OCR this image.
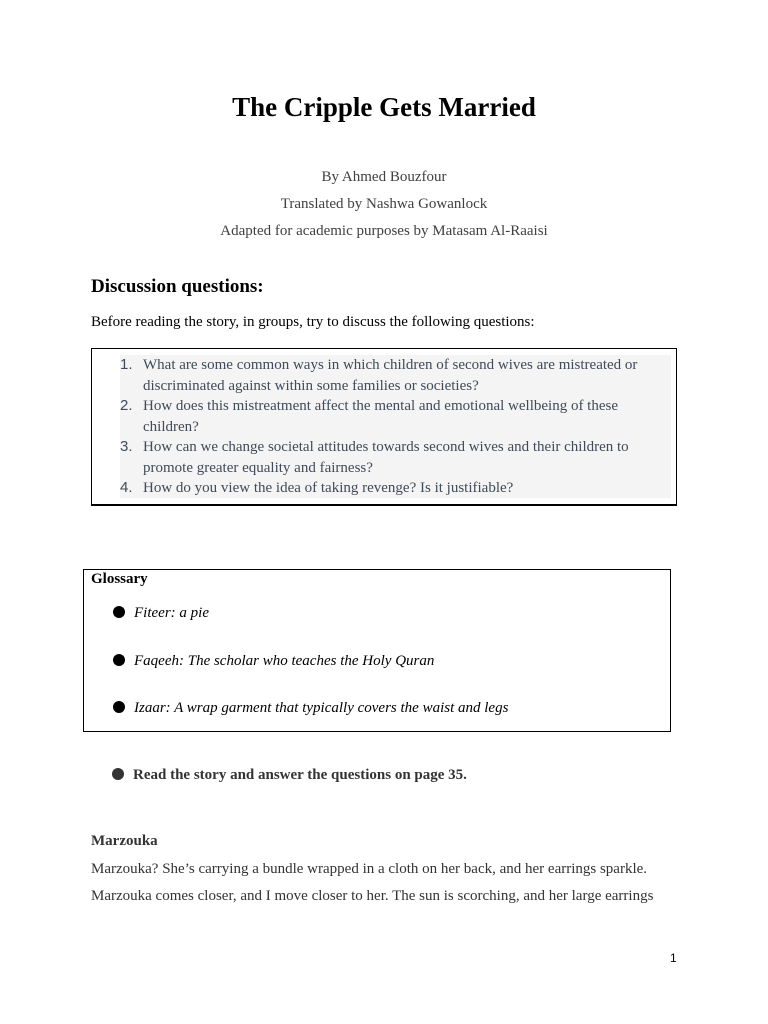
The Cripple Gets Married
By Ahmed Bouzfour
Translated by Nashwa Gowanlock
Adapted for academic purposes by Matasam Al-Raaisi
Discussion questions:
Before reading the story, in groups, try to discuss the following questions:
1. What are some common ways in which children of second wives are mistreated or
discriminated against within some families or societies?
2. How does this mistreatment affect the mental and emotional wellbeing of these
children?
3. How can we change societal attitudes towards second wives and their children to
promote greater equality and fairness?
4. How do you view the idea of taking revenge? Is it justifiable?
Glossary
Fiteer: a pie
Faqeeh: The scholar who teaches the Holy Quran
Izaar: A wrap garment that typically covers the waist and legs
Read the story and answer the questions on page 35.
Marzouka
Marzouka? She’s carrying a bundle wrapped in a cloth on her back, and her earrings sparkle.
Marzouka comes closer, and I move closer to her. The sun is scorching, and her large earrings
1
